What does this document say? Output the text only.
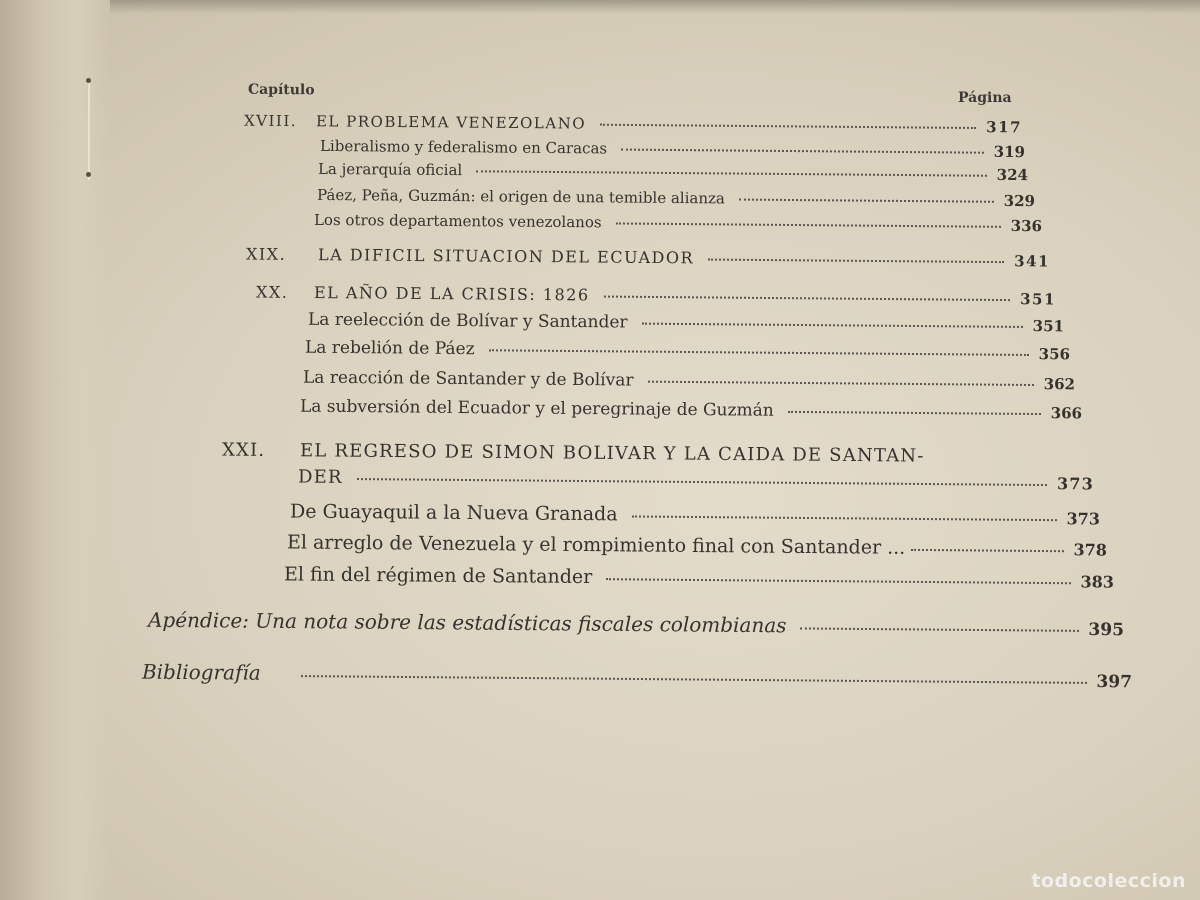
Capítulo	Página
XVIII.	EL PROBLEMA VENEZOLANO	317
Liberalismo y federalismo en Caracas	319
La jerarquía oficial	324
Páez, Peña, Guzmán: el origen de una temible alianza	329
Los otros departamentos venezolanos	336
XIX.	LA DIFICIL SITUACION DEL ECUADOR	341
XX.	EL AÑO DE LA CRISIS: 1826	351
La reelección de Bolívar y Santander	351
La rebelión de Páez	356
La reacción de Santander y de Bolívar	362
La subversión del Ecuador y el peregrinaje de Guzmán	366
XXI.	EL REGRESO DE SIMON BOLIVAR Y LA CAIDA DE SANTAN-
DER	373
De Guayaquil a la Nueva Granada	373
El arreglo de Venezuela y el rompimiento final con Santander ...	378
El fin del régimen de Santander	383
Apéndice: Una nota sobre las estadísticas fiscales colombianas	395
Bibliografía	397
todocoleccion
